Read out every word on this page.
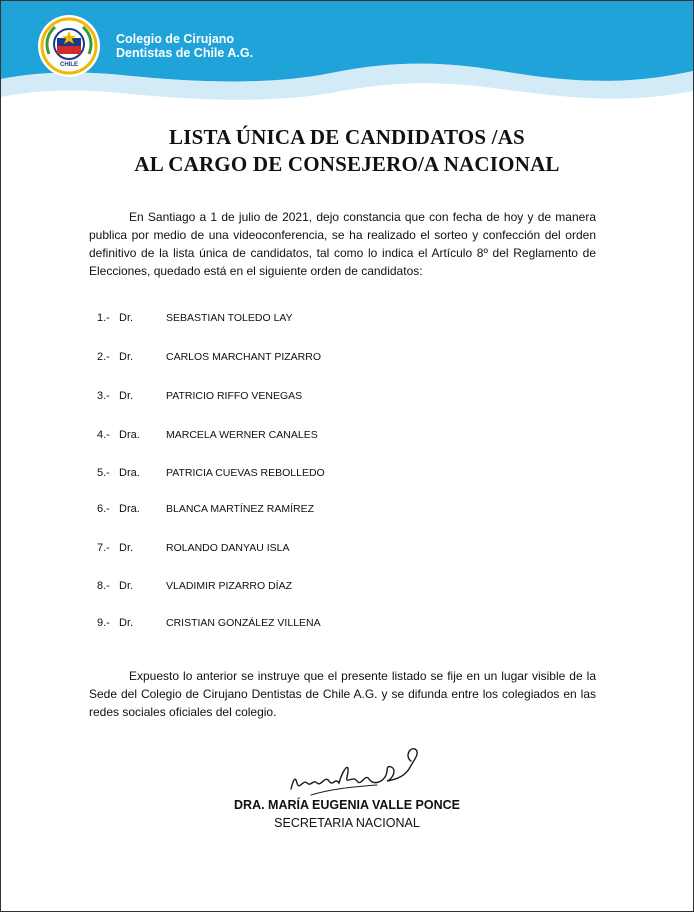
CHILE
Colegio de Cirujano
Dentistas de Chile A.G.
LISTA ÚNICA DE CANDIDATOS /AS
AL CARGO DE CONSEJERO/A NACIONAL
En Santiago a 1 de julio de 2021, dejo constancia que con fecha de hoy y de manera publica por medio de una videoconferencia, se ha realizado el sorteo y confección del orden definitivo de la lista única de candidatos, tal como lo indica el Artículo 8º del Reglamento de Elecciones, quedado está en el siguiente orden de candidatos:
1.- Dr.	SEBASTIAN TOLEDO LAY
2.- Dr.	CARLOS MARCHANT PIZARRO
3.- Dr.	PATRICIO RIFFO VENEGAS
4.- Dra. MARCELA WERNER CANALES
5.- Dra. PATRICIA CUEVAS REBOLLEDO
6.- Dra. BLANCA MARTÍNEZ RAMÍREZ
7.- Dr.	ROLANDO DANYAU ISLA
8.- Dr.	VLADIMIR PIZARRO DÍAZ
9.- Dr.	CRISTIAN GONZÁLEZ VILLENA
Expuesto lo anterior se instruye que el presente listado se fije en un lugar visible de la Sede del Colegio de Cirujano Dentistas de Chile A.G. y se difunda entre los colegiados en las redes sociales oficiales del colegio.
DRA. MARÍA EUGENIA VALLE PONCE
SECRETARIA NACIONAL
